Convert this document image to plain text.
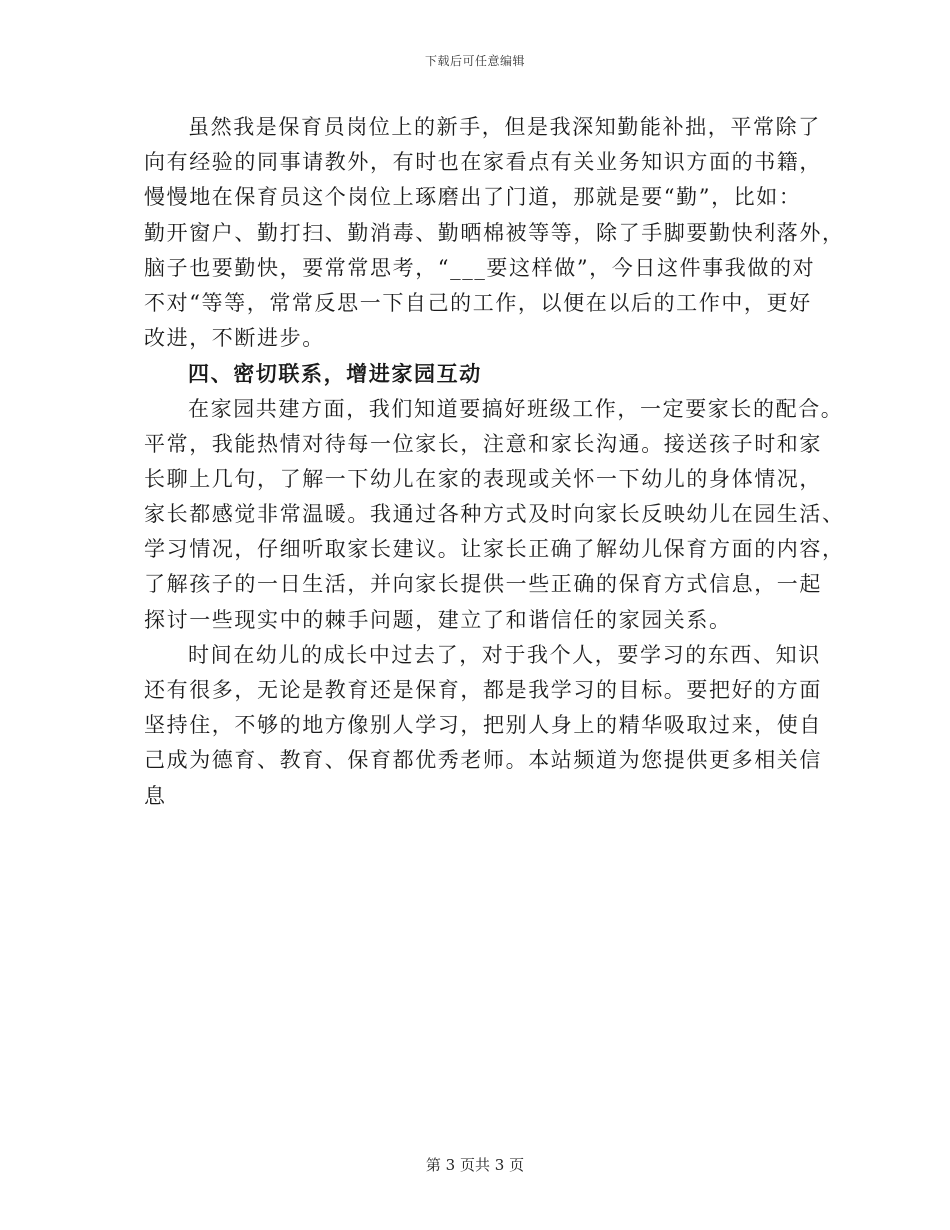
下载后可任意编辑
虽然我是保育员岗位上的新手，但是我深知勤能补拙，平常除了
向有经验的同事请教外，有时也在家看点有关业务知识方面的书籍，
慢慢地在保育员这个岗位上琢磨出了门道，那就是要“勤”，比如：
勤开窗户、勤打扫、勤消毒、勤晒棉被等等，除了手脚要勤快利落外，
脑子也要勤快，要常常思考，“___要这样做”，今日这件事我做的对
不对“等等，常常反思一下自己的工作，以便在以后的工作中，更好
改进，不断进步。
四、密切联系，增进家园互动
在家园共建方面，我们知道要搞好班级工作，一定要家长的配合。
平常，我能热情对待每一位家长，注意和家长沟通。接送孩子时和家
长聊上几句，了解一下幼儿在家的表现或关怀一下幼儿的身体情况，
家长都感觉非常温暖。我通过各种方式及时向家长反映幼儿在园生活、
学习情况，仔细听取家长建议。让家长正确了解幼儿保育方面的内容，
了解孩子的一日生活，并向家长提供一些正确的保育方式信息，一起
探讨一些现实中的棘手问题，建立了和谐信任的家园关系。
时间在幼儿的成长中过去了，对于我个人，要学习的东西、知识
还有很多，无论是教育还是保育，都是我学习的目标。要把好的方面
坚持住，不够的地方像别人学习，把别人身上的精华吸取过来，使自
己成为德育、教育、保育都优秀老师。本站频道为您提供更多相关信
息
第 3 页共 3 页
